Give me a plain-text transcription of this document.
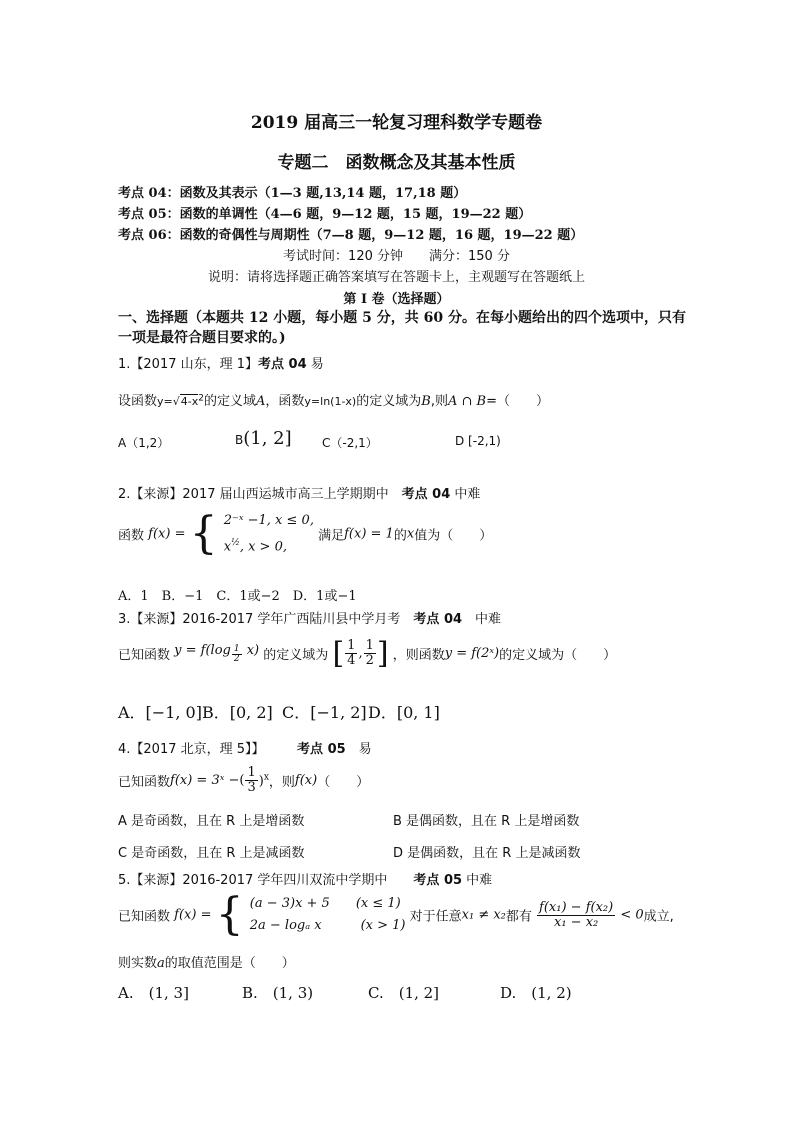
2019 届高三一轮复习理科数学专题卷
专题二　函数概念及其基本性质
考点 04：函数及其表示（1—3 题,13,14 题，17,18 题）
考点 05：函数的单调性（4—6 题，9—12 题，15 题，19—22 题）
考点 06：函数的奇偶性与周期性（7—8 题，9—12 题，16 题，19—22 题）
考试时间：120 分钟　　满分：150 分
说明：请将选择题正确答案填写在答题卡上，主观题写在答题纸上
第 I 卷（选择题）
一、选择题（本题共 12 小题，每小题 5 分，共 60 分。在每小题给出的四个选项中，只有
一项是最符合题目要求的。)
1.【2017 山东，理 1】考点 04 易
设函数$y=√4-x^2$的定义域A，函数y=ln(1-x)的定义域为B,则A ∩ B=（　　）
A（1,2）	B(1, 2]	C（-2,1）	D [-2,1)
2.【来源】2017 届山西运城市高三上学期期中　 考点 04 中难
函数 f(x) = { 2⁻ˣ −1, x ≤ 0,
$x^{\frac{1}{2}}$, x > 0,
满足f(x) = 1的x值为（　　）
A．1　B．−1　C．1或−2　D．1或−1
3.【来源】2016-2017 学年广西陆川县中学月考　 考点 04　中难
已知函数 y = f(log $_{\frac{1}{2}}$ x) 的定义域为 [ $\frac{1}{4}$ , $\frac{1}{2}$ ] ，则函数y = f(2ˣ)的定义域为（　　）
A．[−1, 0] B．[0, 2] C．[−1, 2] D．[0, 1]
4.【2017 北京，理 5】】　　　	考点 05　易
已知函数f(x) = 3ˣ −( $\frac{1}{3} )^x$，则f(x)（　　）
A 是奇函数，且在 R 上是增函数	B 是偶函数，且在 R 上是增函数
C 是奇函数，且在 R 上是减函数	D 是偶函数，且在 R 上是减函数
5.【来源】2016-2017 学年四川双流中学期中　　 考点 05 中难
已知函数 f(x) = { (a − 3)x + 5　　(x ≤ 1)
2a − logₐ x　　　(x > 1)
对于任意x₁ ≠ x₂都有 $\frac{\text{f(x₁) − f(x₂)}}{\text{x₁ − x₂}} < 0$成立,
则实数a的取值范围是（　　）
A.　(1, 3]	B.　(1, 3)	C.　(1, 2]	D.　(1, 2)
